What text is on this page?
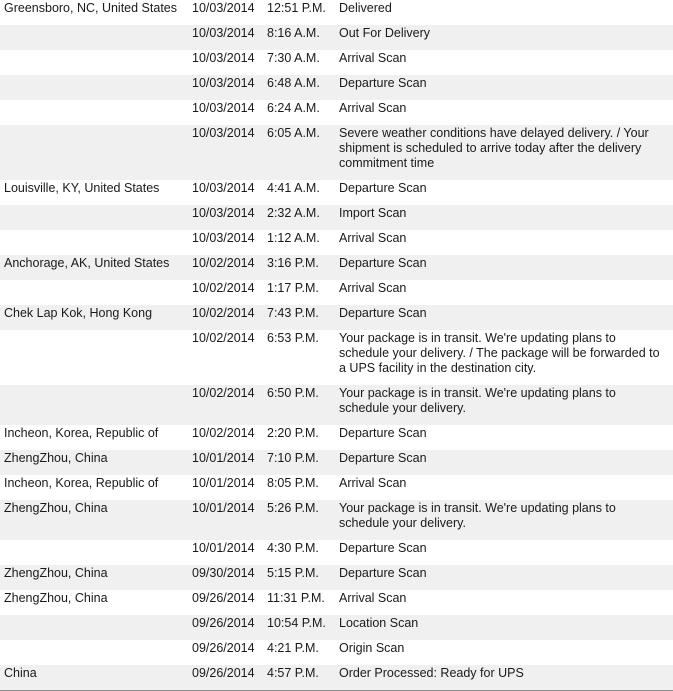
Greensboro, NC, United States	10/03/2014	12:51 P.M.	Delivered
	10/03/2014	8:16 A.M.	Out For Delivery
	10/03/2014	7:30 A.M.	Arrival Scan
	10/03/2014	6:48 A.M.	Departure Scan
	10/03/2014	6:24 A.M.	Arrival Scan
	10/03/2014	6:05 A.M.	Severe weather conditions have delayed delivery. / Your shipment is scheduled to arrive today after the delivery commitment time
Louisville, KY, United States	10/03/2014	4:41 A.M.	Departure Scan
	10/03/2014	2:32 A.M.	Import Scan
	10/03/2014	1:12 A.M.	Arrival Scan
Anchorage, AK, United States	10/02/2014	3:16 P.M.	Departure Scan
	10/02/2014	1:17 P.M.	Arrival Scan
Chek Lap Kok, Hong Kong	10/02/2014	7:43 P.M.	Departure Scan
	10/02/2014	6:53 P.M.	Your package is in transit. We're updating plans to schedule your delivery. / The package will be forwarded to a UPS facility in the destination city.
	10/02/2014	6:50 P.M.	Your package is in transit. We're updating plans to schedule your delivery.
Incheon, Korea, Republic of	10/02/2014	2:20 P.M.	Departure Scan
ZhengZhou, China	10/01/2014	7:10 P.M.	Departure Scan
Incheon, Korea, Republic of	10/01/2014	8:05 P.M.	Arrival Scan
ZhengZhou, China	10/01/2014	5:26 P.M.	Your package is in transit. We're updating plans to schedule your delivery.
	10/01/2014	4:30 P.M.	Departure Scan
ZhengZhou, China	09/30/2014	5:15 P.M.	Departure Scan
ZhengZhou, China	09/26/2014	11:31 P.M.	Arrival Scan
	09/26/2014	10:54 P.M.	Location Scan
	09/26/2014	4:21 P.M.	Origin Scan
China	09/26/2014	4:57 P.M.	Order Processed: Ready for UPS
